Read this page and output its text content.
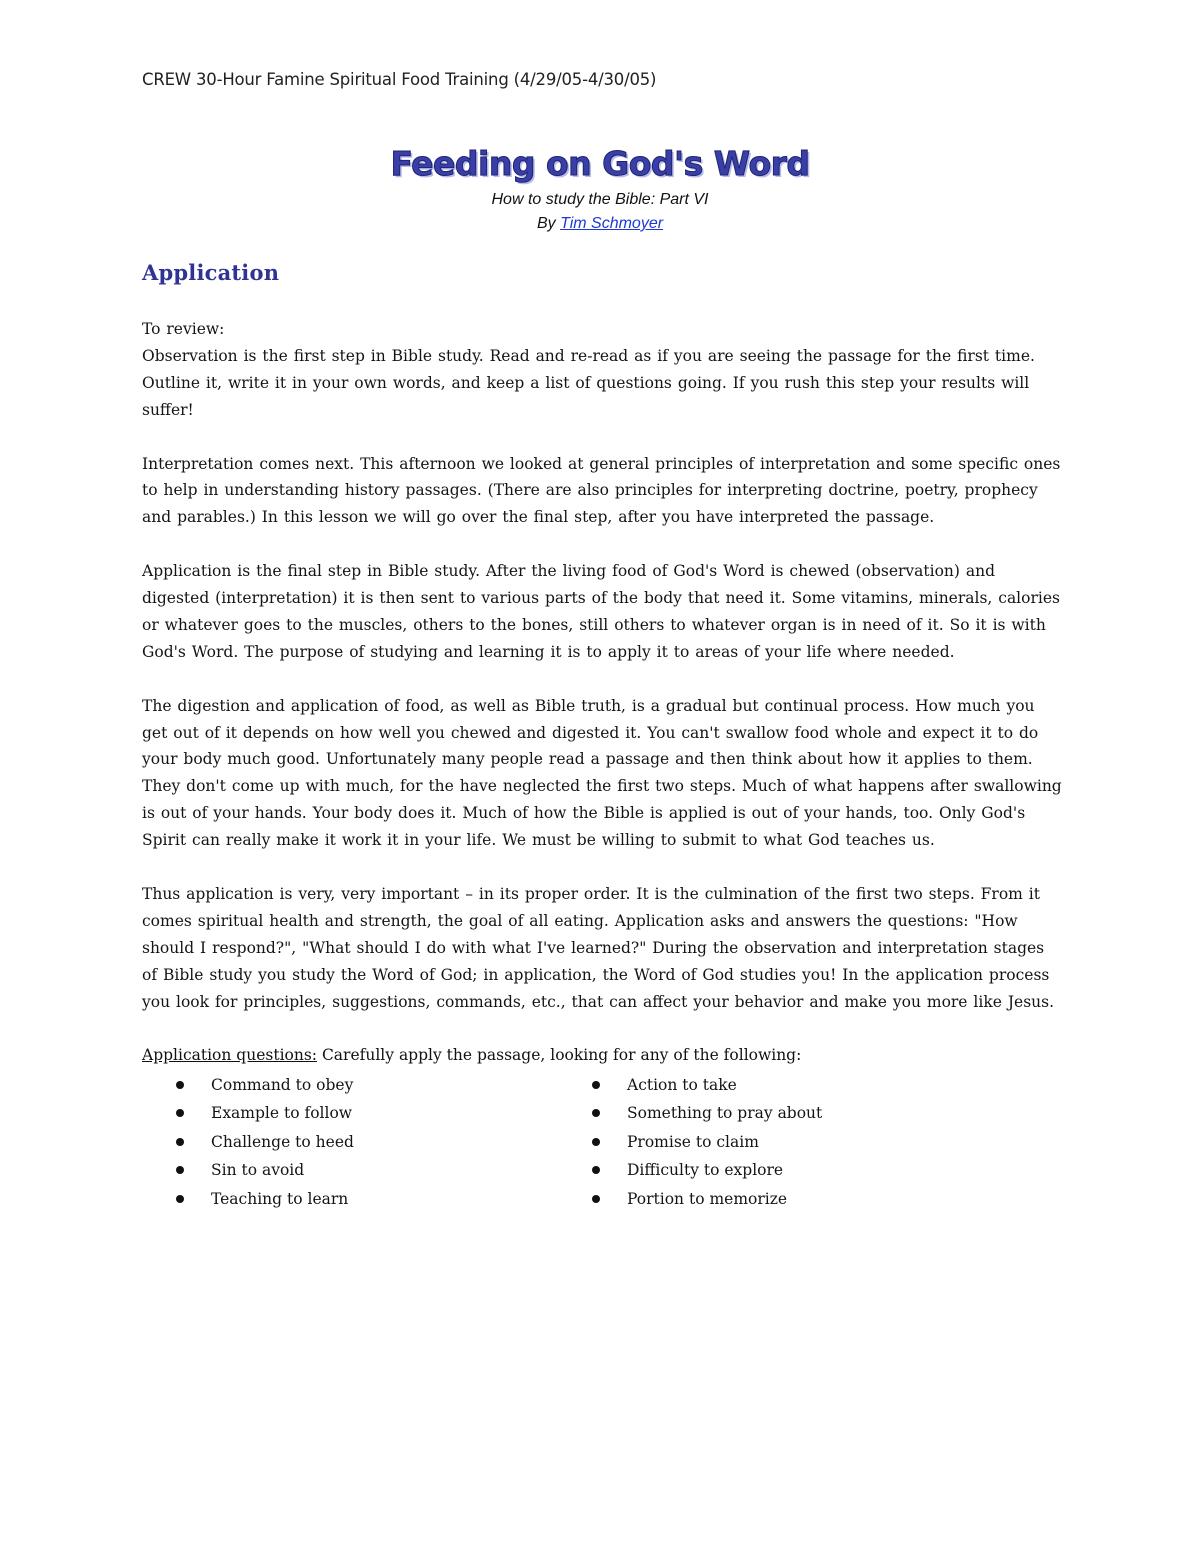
CREW 30-Hour Famine Spiritual Food Training (4/29/05-4/30/05)
Feeding on God's Word
How to study the Bible: Part VI
By Tim Schmoyer
Application

To review:

Observation is the first step in Bible study. Read and re-read as if you are seeing the passage for the first time. Outline it, write it in your own words, and keep a list of questions going. If you rush this step your results will suffer!

Interpretation comes next. This afternoon we looked at general principles of interpretation and some specific ones to help in understanding history passages. (There are also principles for interpreting doctrine, poetry, prophecy and parables.) In this lesson we will go over the final step, after you have interpreted the passage.

Application is the final step in Bible study. After the living food of God's Word is chewed (observation) and digested (interpretation) it is then sent to various parts of the body that need it. Some vitamins, minerals, calories or whatever goes to the muscles, others to the bones, still others to whatever organ is in need of it. So it is with God's Word. The purpose of studying and learning it is to apply it to areas of your life where needed.

The digestion and application of food, as well as Bible truth, is a gradual but continual process. How much you get out of it depends on how well you chewed and digested it. You can't swallow food whole and expect it to do your body much good. Unfortunately many people read a passage and then think about how it applies to them. They don't come up with much, for the have neglected the first two steps. Much of what happens after swallowing is out of your hands. Your body does it. Much of how the Bible is applied is out of your hands, too. Only God's Spirit can really make it work it in your life. We must be willing to submit to what God teaches us.

Thus application is very, very important – in its proper order. It is the culmination of the first two steps. From it comes spiritual health and strength, the goal of all eating. Application asks and answers the questions: "How should I respond?", "What should I do with what I've learned?" During the observation and interpretation stages of Bible study you study the Word of God; in application, the Word of God studies you! In the application process you look for principles, suggestions, commands, etc., that can affect your behavior and make you more like Jesus.

Application questions: Carefully apply the passage, looking for any of the following:

Command to obey	Action to take
Example to follow	Something to pray about
Challenge to heed	Promise to claim
Sin to avoid	Difficulty to explore
Teaching to learn	Portion to memorize
